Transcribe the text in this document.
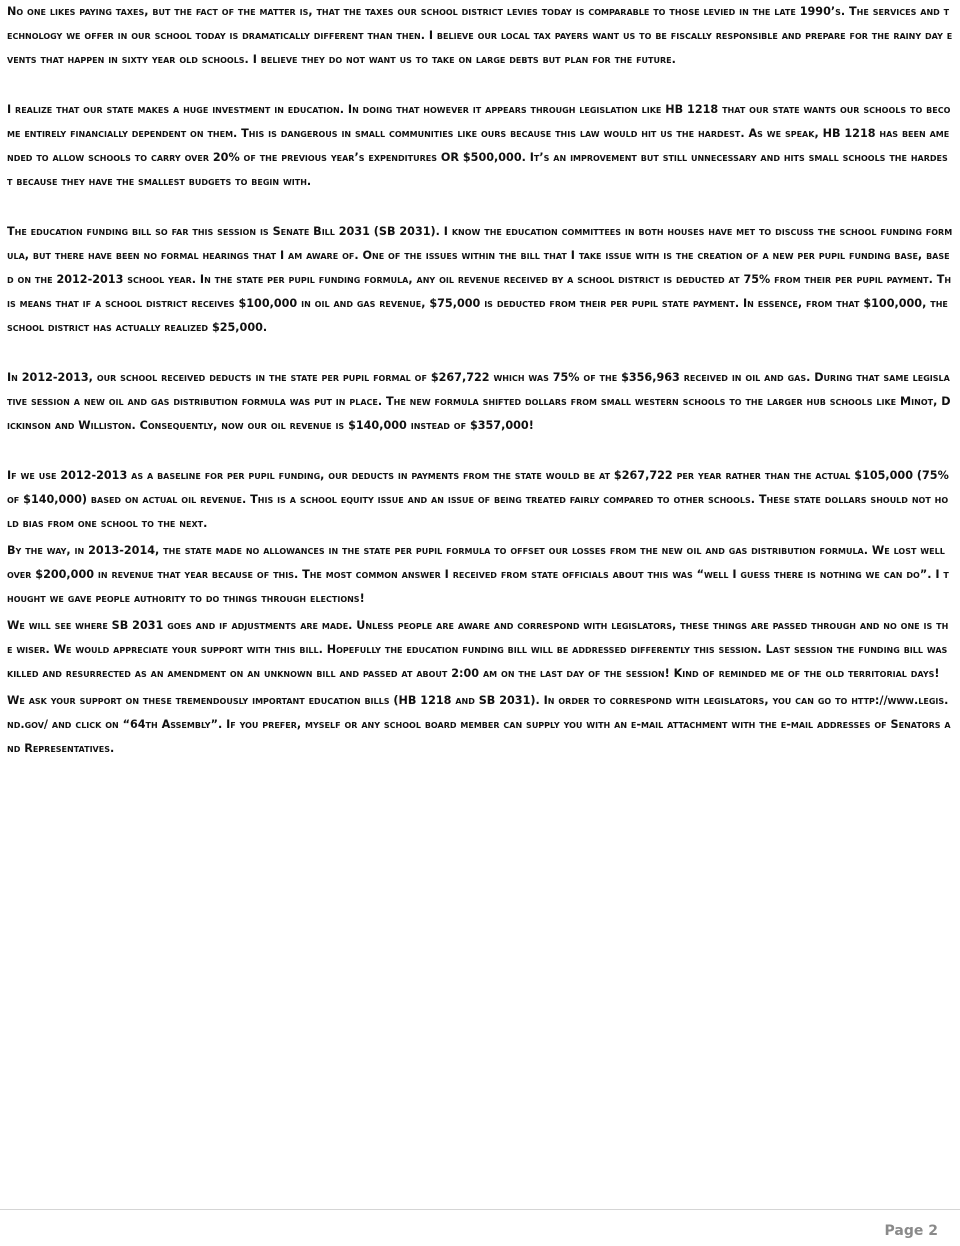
No one likes paying taxes, but the fact of the matter is, that the taxes our school district levies today is comparable to those levied in the late 1990’s. The services and technology we offer in our school today is dramatically different than then. I believe our local tax payers want us to be fiscally responsible and prepare for the rainy day events that happen in sixty year old schools. I believe they do not want us to take on large debts but plan for the future.

I realize that our state makes a huge investment in education. In doing that however it appears through legislation like HB 1218 that our state wants our schools to become entirely financially dependent on them. This is dangerous in small communities like ours because this law would hit us the hardest. As we speak, HB 1218 has been amended to allow schools to carry over 20% of the previous year’s expenditures OR $500,000. It’s an improvement but still unnecessary and hits small schools the hardest because they have the smallest budgets to begin with.

The education funding bill so far this session is Senate Bill 2031 (SB 2031). I know the education committees in both houses have met to discuss the school funding formula, but there have been no formal hearings that I am aware of. One of the issues within the bill that I take issue with is the creation of a new per pupil funding base, based on the 2012-2013 school year. In the state per pupil funding formula, any oil revenue received by a school district is deducted at 75% from their per pupil payment. This means that if a school district receives $100,000 in oil and gas revenue, $75,000 is deducted from their per pupil state payment. In essence, from that $100,000, the school district has actually realized $25,000.

In 2012-2013, our school received deducts in the state per pupil formal of $267,722 which was 75% of the $356,963 received in oil and gas. During that same legislative session a new oil and gas distribution formula was put in place. The new formula shifted dollars from small western schools to the larger hub schools like Minot, Dickinson and Williston. Consequently, now our oil revenue is $140,000 instead of $357,000!

If we use 2012-2013 as a baseline for per pupil funding, our deducts in payments from the state would be at $267,722 per year rather than the actual $105,000 (75% of $140,000) based on actual oil revenue. This is a school equity issue and an issue of being treated fairly compared to other schools. These state dollars should not hold bias from one school to the next.

By the way, in 2013-2014, the state made no allowances in the state per pupil formula to offset our losses from the new oil and gas distribution formula. We lost well over $200,000 in revenue that year because of this. The most common answer I received from state officials about this was “well I guess there is nothing we can do”. I thought we gave people authority to do things through elections!

We will see where SB 2031 goes and if adjustments are made. Unless people are aware and correspond with legislators, these things are passed through and no one is the wiser. We would appreciate your support with this bill. Hopefully the education funding bill will be addressed differently this session. Last session the funding bill was killed and resurrected as an amendment on an unknown bill and passed at about 2:00 am on the last day of the session! Kind of reminded me of the old territorial days!

We ask your support on these tremendously important education bills (HB 1218 and SB 2031). In order to correspond with legislators, you can go to http://www.legis.nd.gov/ and click on “64th Assembly”. If you prefer, myself or any school board member can supply you with an e-mail attachment with the e-mail addresses of Senators and Representatives.

Page 2
